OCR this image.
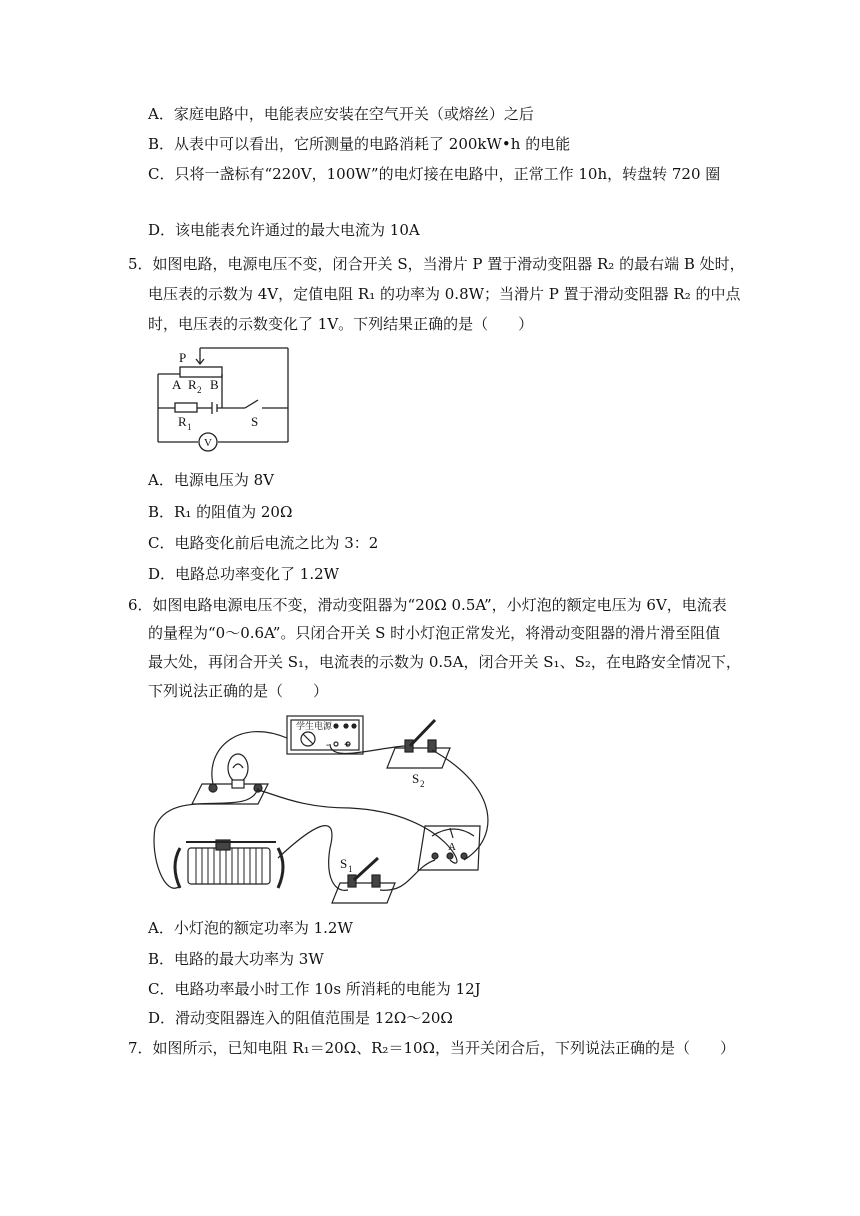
A．家庭电路中，电能表应安装在空气开关（或熔丝）之后
B．从表中可以看出，它所测量的电路消耗了 200kW•h 的电能
C．只将一盏标有“220V，100W”的电灯接在电路中，正常工作 10h，转盘转 720 圈
D．该电能表允许通过的最大电流为 10A
5．如图电路，电源电压不变，闭合开关 S，当滑片 P 置于滑动变阻器 R₂ 的最右端 B 处时，
电压表的示数为 4V，定值电阻 R₁ 的功率为 0.8W；当滑片 P 置于滑动变阻器 R₂ 的中点
时，电压表的示数变化了 1V。下列结果正确的是（　　）
P
A R 2 B
R 1	S
V
A．电源电压为 8V
B．R₁ 的阻值为 20Ω
C．电路变化前后电流之比为 3：2
D．电路总功率变化了 1.2W
6．如图电路电源电压不变，滑动变阻器为“20Ω 0.5A”，小灯泡的额定电压为 6V，电流表
的量程为“0～0.6A”。只闭合开关 S 时小灯泡正常发光，将滑动变阻器的滑片滑至阻值
最大处，再闭合开关 S₁，电流表的示数为 0.5A，闭合开关 S₁、S₂，在电路安全情况下，
下列说法正确的是（　　）
学生电源
- +
S 2
S 1
A
A．小灯泡的额定功率为 1.2W
B．电路的最大功率为 3W
C．电路功率最小时工作 10s 所消耗的电能为 12J
D．滑动变阻器连入的阻值范围是 12Ω～20Ω
7．如图所示，已知电阻 R₁＝20Ω、R₂＝10Ω，当开关闭合后，下列说法正确的是（　　）
